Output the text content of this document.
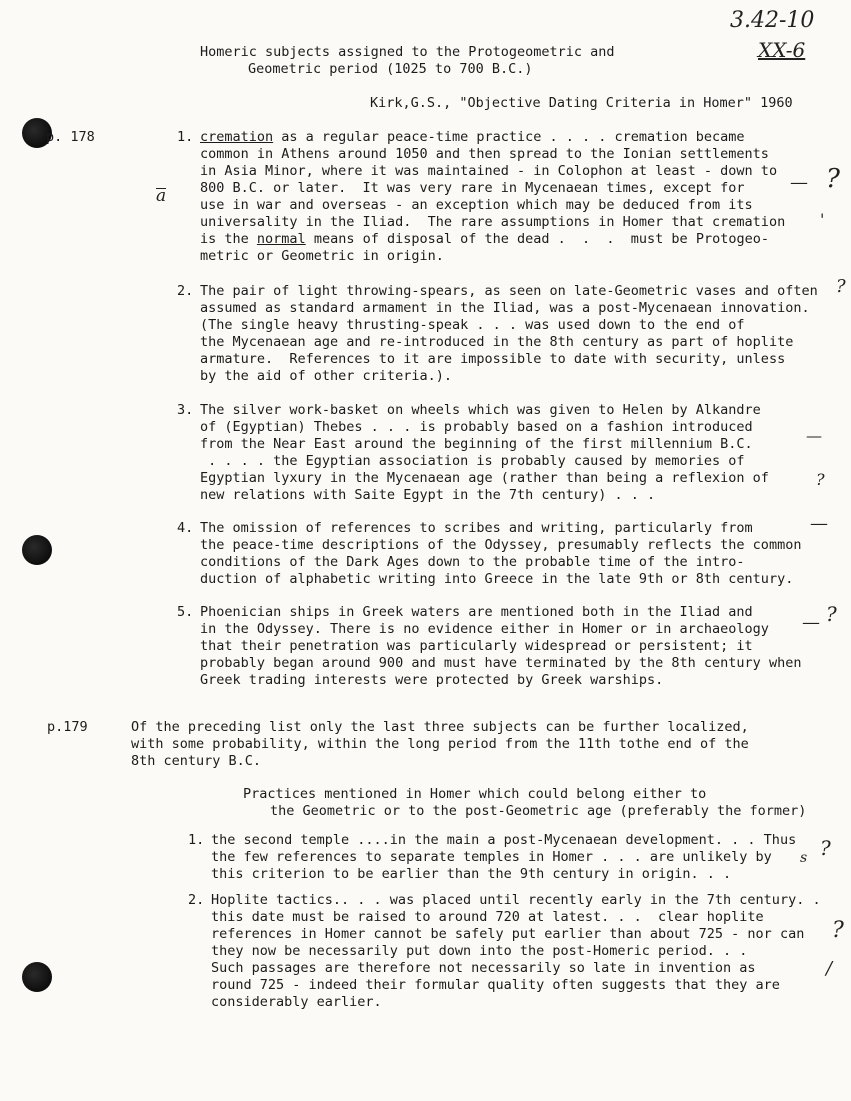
3.42-10
XX-6
a
Homeric subjects assigned to the Protogeometric and
Geometric period (1025 to 700 B.C.)
Kirk,G.S., "Objective Dating Criteria in Homer" 1960
p. 178
p.179
1. cremation as a regular peace-time practice . . . . cremation became
common in Athens around 1050 and then spread to the Ionian settlements
in Asia Minor, where it was maintained - in Colophon at least - down to
800 B.C. or later.  It was very rare in Mycenaean times, except for
use in war and overseas - an exception which may be deduced from its
universality in the Iliad.  The rare assumptions in Homer that cremation
is the normal means of disposal of the dead .  .  .  must be Protogeo-
metric or Geometric in origin.
2. The pair of light throwing-spears, as seen on late-Geometric vases and often
assumed as standard armament in the Iliad, was a post-Mycenaean innovation.
(The single heavy thrusting-speak . . . was used down to the end of
the Mycenaean age and re-introduced in the 8th century as part of hoplite
armature.  References to it are impossible to date with security, unless
by the aid of other criteria.).
3. The silver work-basket on wheels which was given to Helen by Alkandre
of (Egyptian) Thebes . . . is probably based on a fashion introduced
from the Near East around the beginning of the first millennium B.C.
. . . . the Egyptian association is probably caused by memories of
Egyptian lyxury in the Mycenaean age (rather than being a reflexion of
new relations with Saite Egypt in the 7th century) . . .
4. The omission of references to scribes and writing, particularly from
the peace-time descriptions of the Odyssey, presumably reflects the common
conditions of the Dark Ages down to the probable time of the intro-
duction of alphabetic writing into Greece in the late 9th or 8th century.
5. Phoenician ships in Greek waters are mentioned both in the Iliad and
in the Odyssey. There is no evidence either in Homer or in archaeology
that their penetration was particularly widespread or persistent; it
probably began around 900 and must have terminated by the 8th century when
Greek trading interests were protected by Greek warships.
Of the preceding list only the last three subjects can be further localized,
with some probability, within the long period from the 11th tothe end of the
8th century B.C.
Practices mentioned in Homer which could belong either to
the Geometric or to the post-Geometric age (preferably the former)
1. the second temple ....in the main a post-Mycenaean development. . . Thus
the few references to separate temples in Homer . . . are unlikely by
this criterion to be earlier than the 9th century in origin. . .
2. Hoplite tactics.. . . was placed until recently early in the 7th century. .
this date must be raised to around 720 at latest. . .  clear hoplite
references in Homer cannot be safely put earlier than about 725 - nor can
they now be necessarily put down into the post-Homeric period. . .
Such passages are therefore not necessarily so late in invention as
round 725 - indeed their formular quality often suggests that they are
considerably earlier.
— ?
'
?
—
?
—
— ?
?
s
?
/
